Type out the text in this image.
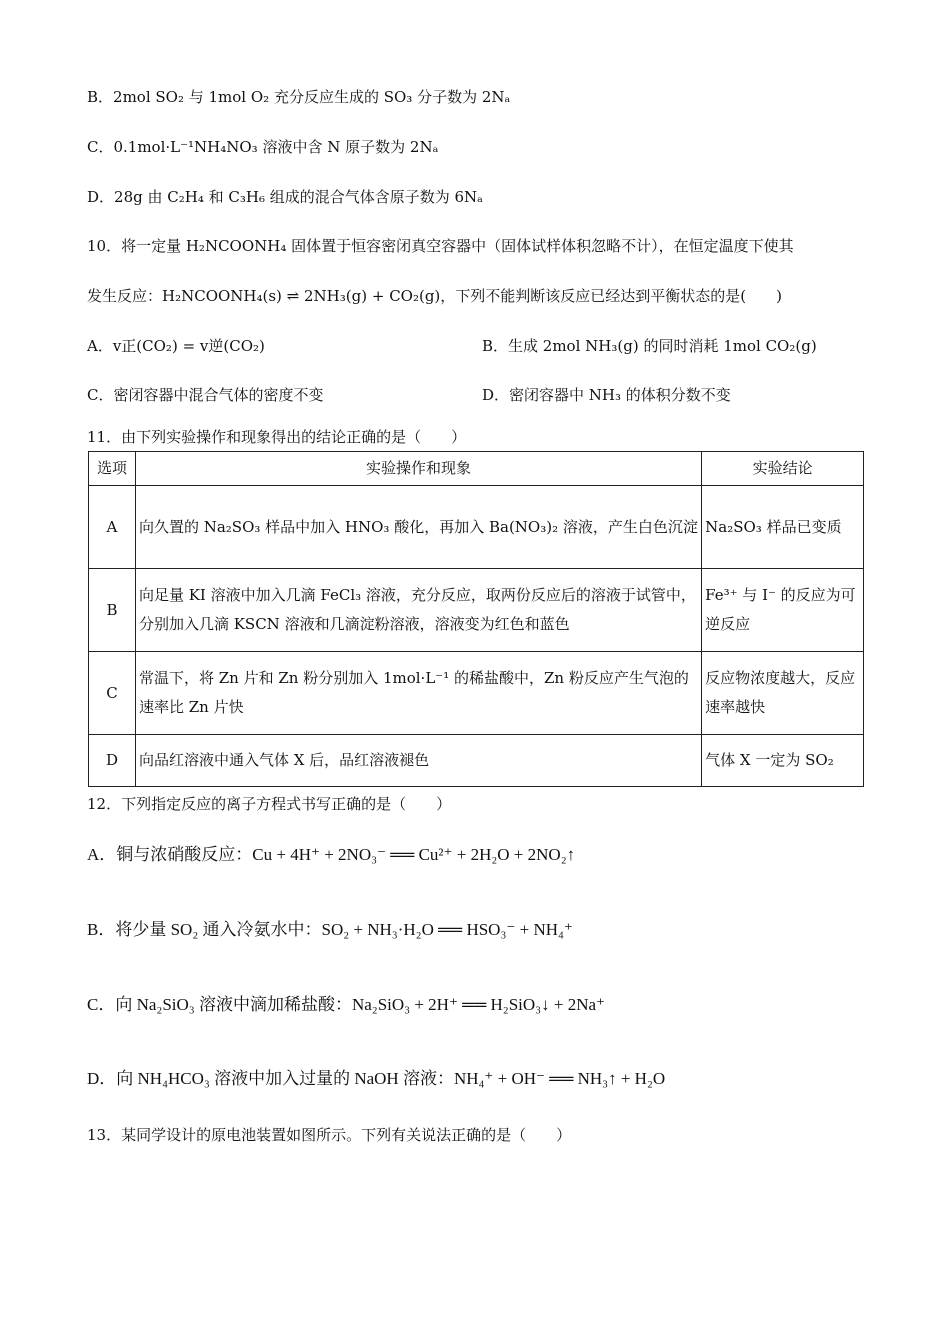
B．2mol SO₂ 与 1mol O₂ 充分反应生成的 SO₃ 分子数为 2Nₐ
C．0.1mol·L⁻¹NH₄NO₃ 溶液中含 N 原子数为 2Nₐ
D．28g 由 C₂H₄ 和 C₃H₆ 组成的混合气体含原子数为 6Nₐ
10．将一定量 H₂NCOONH₄ 固体置于恒容密闭真空容器中（固体试样体积忽略不计），在恒定温度下使其
发生反应：H₂NCOONH₄(s) ⇌ 2NH₃(g) + CO₂(g)，下列不能判断该反应已经达到平衡状态的是(　　)
A．v正(CO₂) = v逆(CO₂)	B．生成 2mol NH₃(g) 的同时消耗 1mol CO₂(g)
C．密闭容器中混合气体的密度不变	D．密闭容器中 NH₃ 的体积分数不变
11．由下列实验操作和现象得出的结论正确的是（　　）
选项	实验操作和现象	实验结论
A	向久置的 Na₂SO₃ 样品中加入 HNO₃ 酸化，再加入 Ba(NO₃)₂ 溶液，产生白色沉淀	Na₂SO₃ 样品已变质
B	向足量 KI 溶液中加入几滴 FeCl₃ 溶液，充分反应，取两份反应后的溶液于试管中，分别加入几滴 KSCN 溶液和几滴淀粉溶液，溶液变为红色和蓝色	Fe³⁺ 与 I⁻ 的反应为可逆反应
C	常温下，将 Zn 片和 Zn 粉分别加入 1mol·L⁻¹ 的稀盐酸中，Zn 粉反应产生气泡的速率比 Zn 片快	反应物浓度越大，反应速率越快
D	向品红溶液中通入气体 X 后，品红溶液褪色	气体 X 一定为 SO₂
12．下列指定反应的离子方程式书写正确的是（　　）
A．铜与浓硝酸反应：Cu + 4H⁺ + 2NO₃⁻ ══ Cu²⁺ + 2H₂O + 2NO₂↑
B．将少量 SO₂ 通入冷氨水中：SO₂ + NH₃·H₂O ══ HSO₃⁻ + NH₄⁺
C．向 Na₂SiO₃ 溶液中滴加稀盐酸：Na₂SiO₃ + 2H⁺ ══ H₂SiO₃↓ + 2Na⁺
D．向 NH₄HCO₃ 溶液中加入过量的 NaOH 溶液：NH₄⁺ + OH⁻ ══ NH₃↑ + H₂O
13．某同学设计的原电池装置如图所示。下列有关说法正确的是（　　）
